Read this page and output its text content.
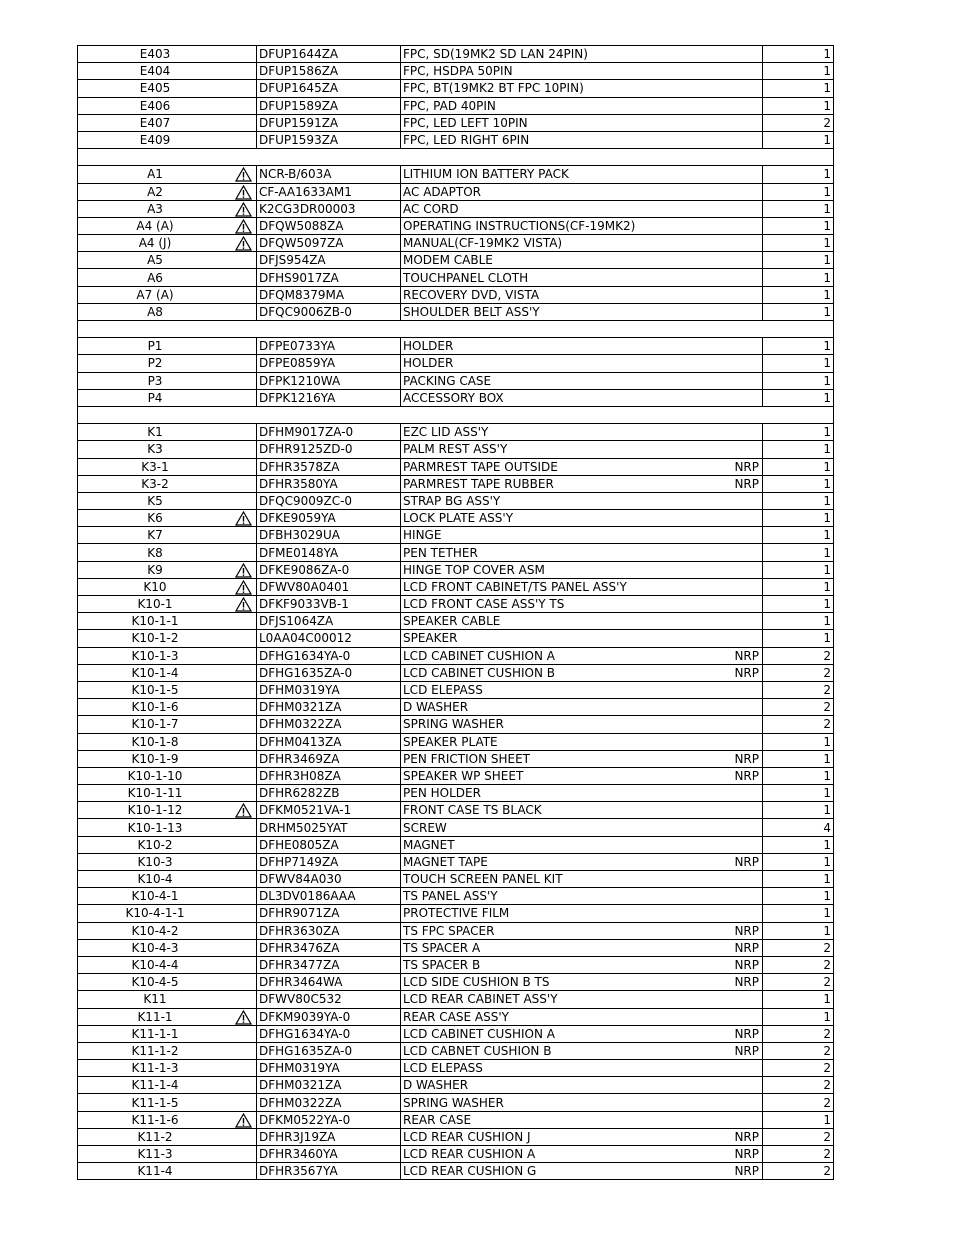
E403		DFUP1644ZA	FPC, SD(19MK2 SD LAN 24PIN)	1
E404		DFUP1586ZA	FPC, HSDPA 50PIN	1
E405		DFUP1645ZA	FPC, BT(19MK2 BT FPC 10PIN)	1
E406		DFUP1589ZA	FPC, PAD 40PIN	1
E407		DFUP1591ZA	FPC, LED LEFT 10PIN	2
E409		DFUP1593ZA	FPC, LED RIGHT 6PIN	1

A1		NCR-B/603A	LITHIUM ION BATTERY PACK	1
A2		CF-AA1633AM1	AC ADAPTOR	1
A3		K2CG3DR00003	AC CORD	1
A4 (A)		DFQW5088ZA	OPERATING INSTRUCTIONS(CF-19MK2)	1
A4 (J)		DFQW5097ZA	MANUAL(CF-19MK2 VISTA)	1
A5		DFJS954ZA	MODEM CABLE	1
A6		DFHS9017ZA	TOUCHPANEL CLOTH	1
A7 (A)		DFQM8379MA	RECOVERY DVD, VISTA	1
A8		DFQC9006ZB-0	SHOULDER BELT ASS'Y	1

P1		DFPE0733YA	HOLDER	1
P2		DFPE0859YA	HOLDER	1
P3		DFPK1210WA	PACKING CASE	1
P4		DFPK1216YA	ACCESSORY BOX	1

K1		DFHM9017ZA-0	EZC LID ASS'Y	1
K3		DFHR9125ZD-0	PALM REST ASS'Y	1
K3-1		DFHR3578ZA	PARMREST TAPE OUTSIDE NRP	1
K3-2		DFHR3580YA	PARMREST TAPE RUBBER NRP	1
K5		DFQC9009ZC-0	STRAP BG ASS'Y	1
K6		DFKE9059YA	LOCK PLATE ASS'Y	1
K7		DFBH3029UA	HINGE	1
K8		DFME0148YA	PEN TETHER	1
K9		DFKE9086ZA-0	HINGE TOP COVER ASM	1
K10		DFWV80A0401	LCD FRONT CABINET/TS PANEL ASS'Y	1
K10-1		DFKF9033VB-1	LCD FRONT CASE ASS'Y TS	1
K10-1-1		DFJS1064ZA	SPEAKER CABLE	1
K10-1-2		L0AA04C00012	SPEAKER	1
K10-1-3		DFHG1634YA-0	LCD CABINET CUSHION A NRP	2
K10-1-4		DFHG1635ZA-0	LCD CABINET CUSHION B NRP	2
K10-1-5		DFHM0319YA	LCD ELEPASS	2
K10-1-6		DFHM0321ZA	D WASHER	2
K10-1-7		DFHM0322ZA	SPRING WASHER	2
K10-1-8		DFHM0413ZA	SPEAKER PLATE	1
K10-1-9		DFHR3469ZA	PEN FRICTION SHEET NRP	1
K10-1-10		DFHR3H08ZA	SPEAKER WP SHEET NRP	1
K10-1-11		DFHR6282ZB	PEN HOLDER	1
K10-1-12		DFKM0521VA-1	FRONT CASE TS BLACK	1
K10-1-13		DRHM5025YAT	SCREW	4
K10-2		DFHE0805ZA	MAGNET	1
K10-3		DFHP7149ZA	MAGNET TAPE NRP	1
K10-4		DFWV84A030	TOUCH SCREEN PANEL KIT	1
K10-4-1		DL3DV0186AAA	TS PANEL ASS'Y	1
K10-4-1-1		DFHR9071ZA	PROTECTIVE FILM	1
K10-4-2		DFHR3630ZA	TS FPC SPACER NRP	1
K10-4-3		DFHR3476ZA	TS SPACER A NRP	2
K10-4-4		DFHR3477ZA	TS SPACER B NRP	2
K10-4-5		DFHR3464WA	LCD SIDE CUSHION B TS NRP	2
K11		DFWV80C532	LCD REAR CABINET ASS'Y	1
K11-1		DFKM9039YA-0	REAR CASE ASS'Y	1
K11-1-1		DFHG1634YA-0	LCD CABINET CUSHION A NRP	2
K11-1-2		DFHG1635ZA-0	LCD CABNET CUSHION B NRP	2
K11-1-3		DFHM0319YA	LCD ELEPASS	2
K11-1-4		DFHM0321ZA	D WASHER	2
K11-1-5		DFHM0322ZA	SPRING WASHER	2
K11-1-6		DFKM0522YA-0	REAR CASE	1
K11-2		DFHR3J19ZA	LCD REAR CUSHION J NRP	2
K11-3		DFHR3460YA	LCD REAR CUSHION A NRP	2
K11-4		DFHR3567YA	LCD REAR CUSHION G NRP	2
